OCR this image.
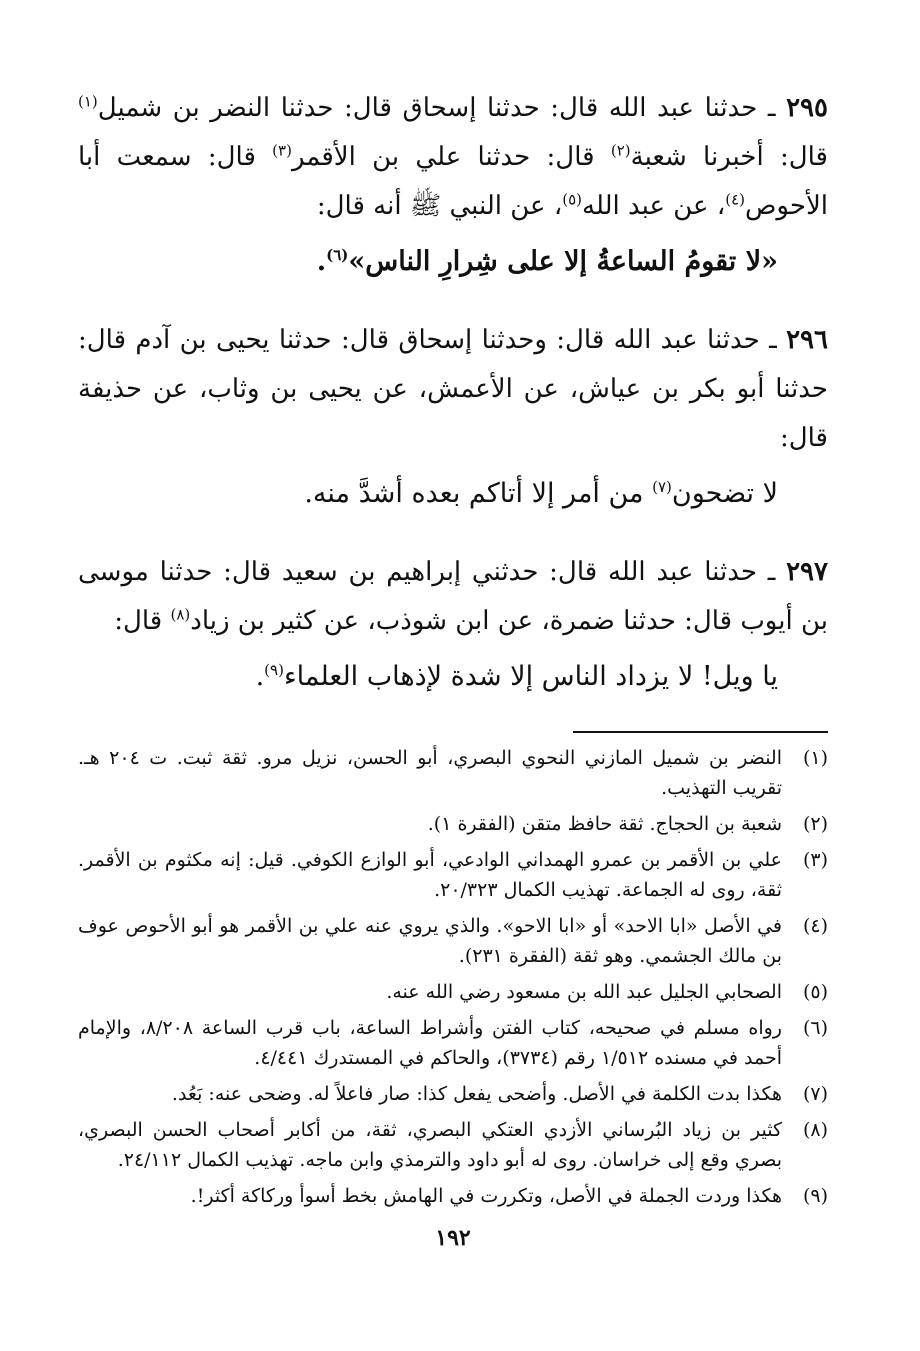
٢٩٥ ـ حدثنا عبد الله قال: حدثنا إسحاق قال: حدثنا النضر بن شميل$^{(١)}$ قال: أخبرنا شعبة$^{(٢)}$ قال: حدثنا علي بن الأقمر$^{(٣)}$ قال: سمعت أبا الأحوص$^{(٤)}$، عن عبد الله$^{(٥)}$، عن النبي ﷺ أنه قال:

«لا تقومُ الساعةُ إلا على شِرارِ الناس»$^{(٦)}$.

٢٩٦ ـ حدثنا عبد الله قال: وحدثنا إسحاق قال: حدثنا يحيى بن آدم قال: حدثنا أبو بكر بن عياش، عن الأعمش، عن يحيى بن وثاب، عن حذيفة قال:

لا تضحون$^{(٧)}$ من أمر إلا أتاكم بعده أشدَّ منه.

٢٩٧ ـ حدثنا عبد الله قال: حدثني إبراهيم بن سعيد قال: حدثنا موسى بن أيوب قال: حدثنا ضمرة، عن ابن شوذب، عن كثير بن زياد$^{(٨)}$ قال:

يا ويل! لا يزداد الناس إلا شدة لإذهاب العلماء$^{(٩)}$.

(١)
النضر بن شميل المازني النحوي البصري، أبو الحسن، نزيل مرو. ثقة ثبت. ت ٢٠٤ هـ. تقريب التهذيب.
(٢)
شعبة بن الحجاج. ثقة حافظ متقن (الفقرة ١).
(٣)
علي بن الأقمر بن عمرو الهمداني الوادعي، أبو الوازع الكوفي. قيل: إنه مكثوم بن الأقمر. ثقة، روى له الجماعة. تهذيب الكمال ٢٠/٣٢٣.
(٤)
في الأصل «ابا الاحد» أو «ابا الاحو». والذي يروي عنه علي بن الأقمر هو أبو الأحوص عوف بن مالك الجشمي. وهو ثقة (الفقرة ٢٣١).
(٥)
الصحابي الجليل عبد الله بن مسعود رضي الله عنه.
(٦)
رواه مسلم في صحيحه، كتاب الفتن وأشراط الساعة، باب قرب الساعة ٨/٢٠٨، والإمام أحمد في مسنده ١/٥١٢ رقم (٣٧٣٤)، والحاكم في المستدرك ٤/٤٤١.
(٧)
هكذا بدت الكلمة في الأصل. وأضحى يفعل كذا: صار فاعلاً له. وضحى عنه: بَعُد.
(٨)
كثير بن زياد البُرساني الأزدي العتكي البصري، ثقة، من أكابر أصحاب الحسن البصري، بصري وقع إلى خراسان. روى له أبو داود والترمذي وابن ماجه. تهذيب الكمال ٢٤/١١٢.
(٩)
هكذا وردت الجملة في الأصل، وتكررت في الهامش بخط أسوأ وركاكة أكثر!.
١٩٢
